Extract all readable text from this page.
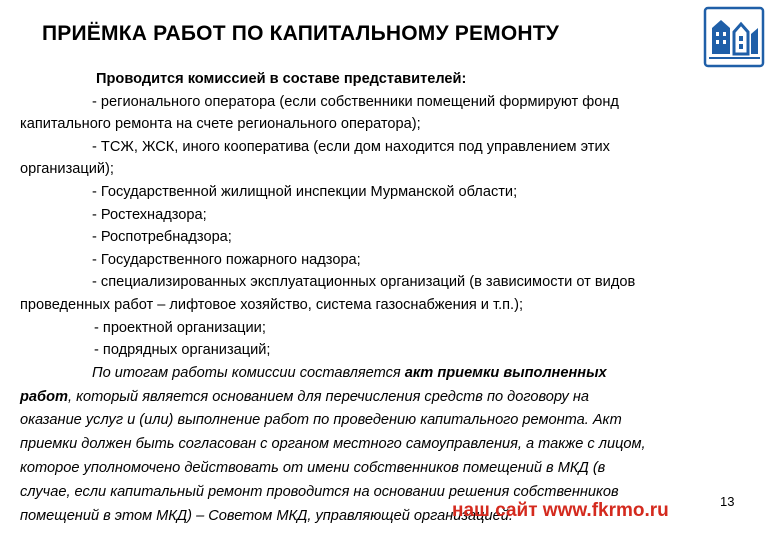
ПРИЁМКА РАБОТ ПО КАПИТАЛЬНОМУ РЕМОНТУ
Проводится комиссией в составе представителей:
- регионального оператора (если собственники помещений формируют фонд
капитального ремонта на счете регионального оператора);
- ТСЖ, ЖСК, иного кооператива (если дом находится под управлением этих
организаций);
- Государственной жилищной инспекции Мурманской области;
- Ростехнадзора;
- Роспотребнадзора;
- Государственного пожарного надзора;
- специализированных эксплуатационных организаций (в зависимости от видов
проведенных работ – лифтовое хозяйство, система газоснабжения и т.п.);
- проектной организации;
- подрядных организаций;
По итогам работы комиссии составляется акт приемки выполненных
работ, который является основанием для перечисления средств по договору на
оказание услуг и (или) выполнение работ по проведению капитального ремонта. Акт
приемки должен быть согласован с органом местного самоуправления, а также с лицом,
которое уполномочено действовать от имени собственников помещений в МКД (в
случае, если капитальный ремонт проводится на основании решения собственников
помещений в этом МКД) – Советом МКД, управляющей организацией.
наш сайт www.fkrmo.ru	13
